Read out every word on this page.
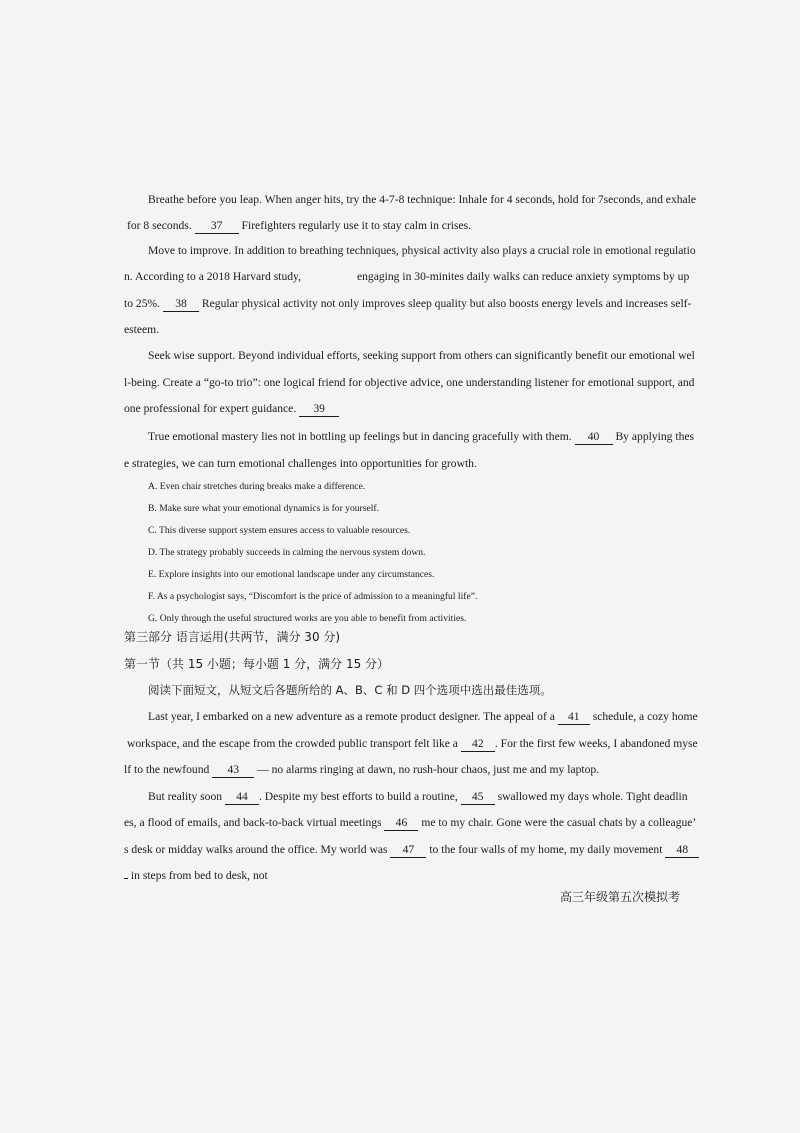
Breathe before you leap. When anger hits, try the 4-7-8 technique: Inhale for 4 seconds, hold for 7seconds, and exhale
for 8 seconds. 37 Firefighters regularly use it to stay calm in crises.
Move to improve. In addition to breathing techniques, physical activity also plays a crucial role in emotional regulatio
n. According to a 2018 Harvard study,	engaging in 30-minites daily walks can reduce anxiety symptoms by up
to 25%. 38 Regular physical activity not only improves sleep quality but also boosts energy levels and increases self-
esteem.
Seek wise support. Beyond individual efforts, seeking support from others can significantly benefit our emotional wel
l-being. Create a “go-to trio”: one logical friend for objective advice, one understanding listener for emotional support, and
one professional for expert guidance. 39
True emotional mastery lies not in bottling up feelings but in dancing gracefully with them. 40 By applying thes
e strategies, we can turn emotional challenges into opportunities for growth.
A. Even chair stretches during breaks make a difference.
B. Make sure what your emotional dynamics is for yourself.
C. This diverse support system ensures access to valuable resources.
D. The strategy probably succeeds in calming the nervous system down.
E. Explore insights into our emotional landscape under any circumstances.
F. As a psychologist says, “Discomfort is the price of admission to a meaningful life”.
G. Only through the useful structured works are you able to benefit from activities.
第三部分 语言运用(共两节，满分 30 分)
第一节（共 15 小题；每小题 1 分，满分 15 分）
阅读下面短文，从短文后各题所给的 A、B、C 和 D 四个选项中选出最佳选项。
Last year, I embarked on a new adventure as a remote product designer. The appeal of a 41 schedule, a cozy home
workspace, and the escape from the crowded public transport felt like a 42 . For the first few weeks, I abandoned myse
lf to the newfound 43 — no alarms ringing at dawn, no rush-hour chaos, just me and my laptop.
But reality soon 44 . Despite my best efforts to build a routine, 45 swallowed my days whole. Tight deadlin
es, a flood of emails, and back-to-back virtual meetings 46 me to my chair. Gone were the casual chats by a colleague’
s desk or midday walks around the office. My world was 47 to the four walls of my home, my daily movement 48
in steps from bed to desk, not
高三年级第五次模拟考
